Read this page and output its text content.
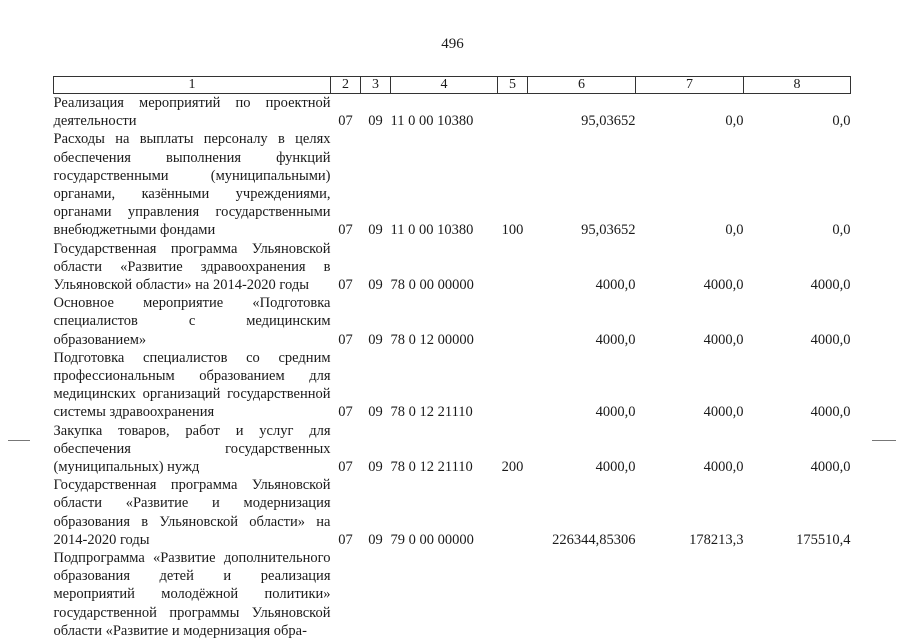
496
1	2	3	4	5	6	7	8
Реализация мероприятий по проектной деятельности	07	09	11 0 00 10380		95,03652	0,0	0,0
Расходы на выплаты персоналу в целях обеспечения выполнения функций государственными (муниципальными) органами, казёнными учреждениями, органами управления государственными внебюджетными фондами	07	09	11 0 00 10380	100	95,03652	0,0	0,0
Государственная программа Ульяновской области «Развитие здравоохранения в Ульяновской области» на 2014-2020 годы	07	09	78 0 00 00000		4000,0	4000,0	4000,0
Основное мероприятие «Подготовка специалистов с медицинским образованием»	07	09	78 0 12 00000		4000,0	4000,0	4000,0
Подготовка специалистов со средним профессиональным образованием для медицинских организаций государственной системы здравоохранения	07	09	78 0 12 21110		4000,0	4000,0	4000,0
Закупка товаров, работ и услуг для обеспечения государственных (муниципальных) нужд	07	09	78 0 12 21110	200	4000,0	4000,0	4000,0
Государственная программа Ульяновской области «Развитие и модернизация образования в Ульяновской области» на 2014-2020 годы	07	09	79 0 00 00000		226344,85306	178213,3	175510,4
Подпрограмма «Развитие дополнительного образования детей и реализация мероприятий молодёжной политики» государственной программы Ульяновской области «Развитие и модернизация обра-							
